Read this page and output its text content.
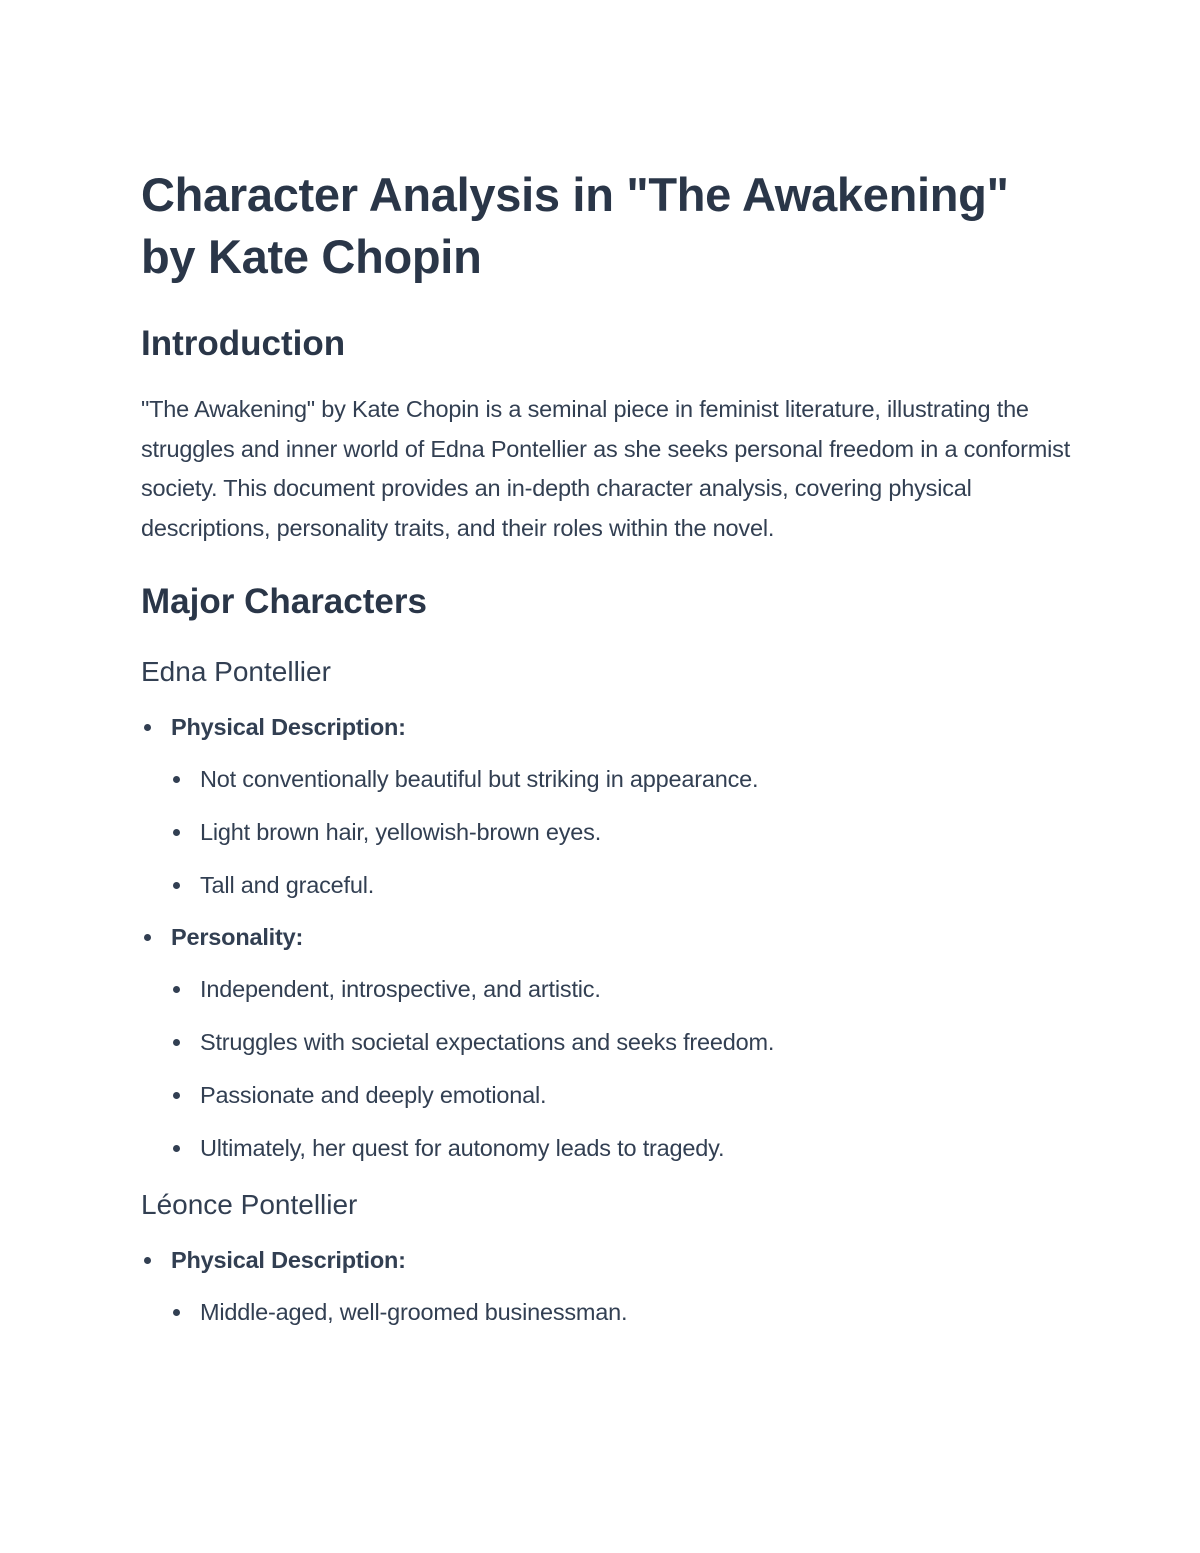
Character Analysis in "The Awakening"
by Kate Chopin
Introduction

"The Awakening" by Kate Chopin is a seminal piece in feminist literature, illustrating the struggles and inner world of Edna Pontellier as she seeks personal freedom in a conformist society. This document provides an in-depth character analysis, covering physical descriptions, personality traits, and their roles within the novel.

Major Characters
Edna Pontellier
Physical Description:
Not conventionally beautiful but striking in appearance.
Light brown hair, yellowish-brown eyes.
Tall and graceful.
Personality:
Independent, introspective, and artistic.
Struggles with societal expectations and seeks freedom.
Passionate and deeply emotional.
Ultimately, her quest for autonomy leads to tragedy.
Léonce Pontellier
Physical Description:
Middle-aged, well-groomed businessman.
